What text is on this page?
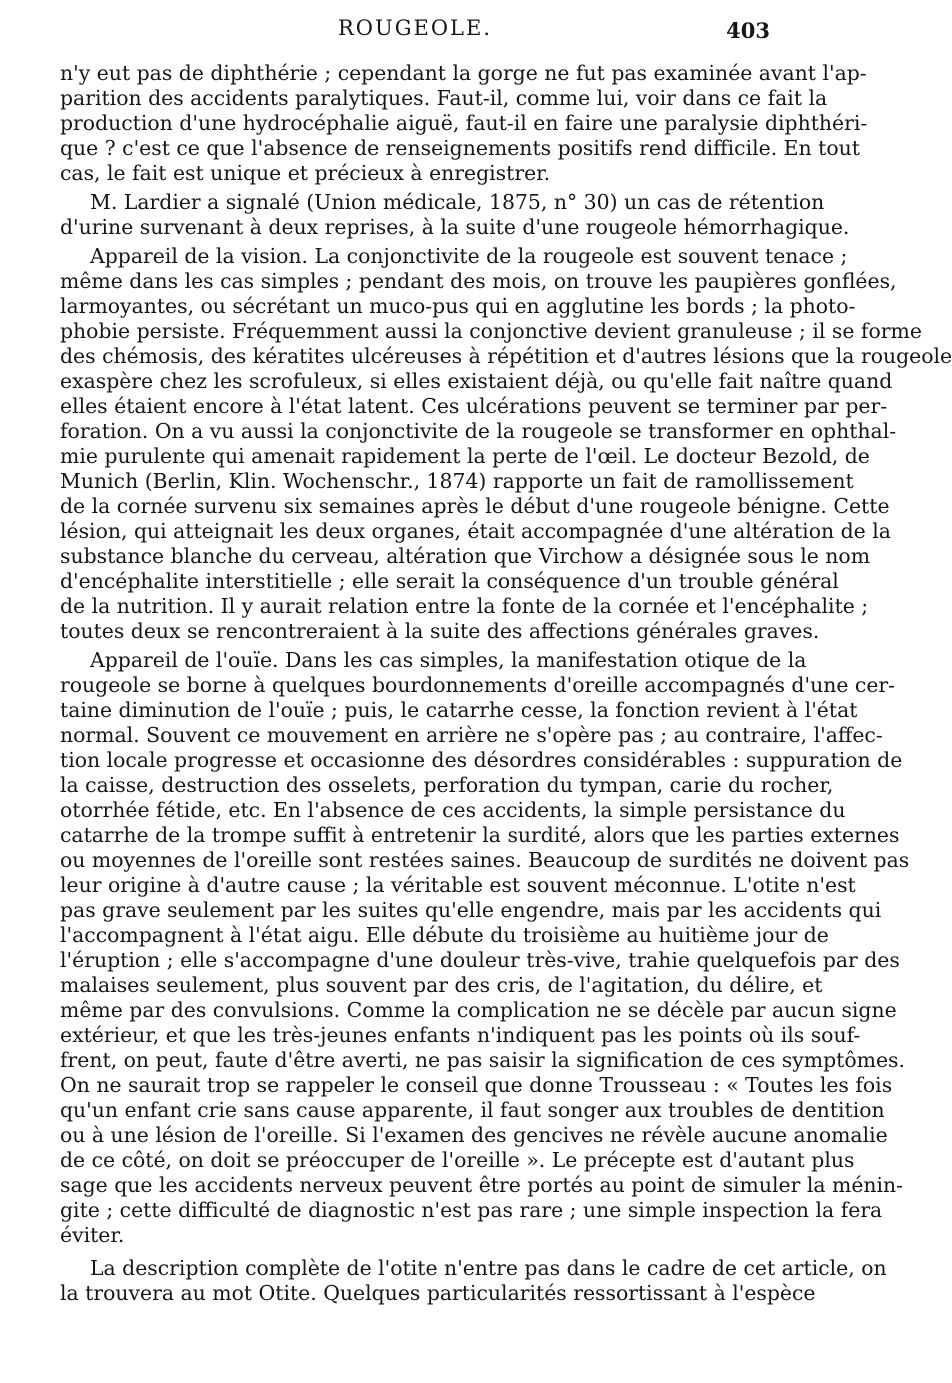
ROUGEOLE.	403
n'y eut pas de diphthérie ; cependant la gorge ne fut pas examinée avant l'ap-
parition des accidents paralytiques. Faut-il, comme lui, voir dans ce fait la
production d'une hydrocéphalie aiguë, faut-il en faire une paralysie diphthéri-
que ? c'est ce que l'absence de renseignements positifs rend difficile. En tout
cas, le fait est unique et précieux à enregistrer.
M. Lardier a signalé (Union médicale, 1875, n° 30) un cas de rétention
d'urine survenant à deux reprises, à la suite d'une rougeole hémorrhagique.
Appareil de la vision. La conjonctivite de la rougeole est souvent tenace ;
même dans les cas simples ; pendant des mois, on trouve les paupières gonflées,
larmoyantes, ou sécrétant un muco-pus qui en agglutine les bords ; la photo-
phobie persiste. Fréquemment aussi la conjonctive devient granuleuse ; il se forme
des chémosis, des kératites ulcéreuses à répétition et d'autres lésions que la rougeole
exaspère chez les scrofuleux, si elles existaient déjà, ou qu'elle fait naître quand
elles étaient encore à l'état latent. Ces ulcérations peuvent se terminer par per-
foration. On a vu aussi la conjonctivite de la rougeole se transformer en ophthal-
mie purulente qui amenait rapidement la perte de l'œil. Le docteur Bezold, de
Munich (Berlin, Klin. Wochenschr., 1874) rapporte un fait de ramollissement
de la cornée survenu six semaines après le début d'une rougeole bénigne. Cette
lésion, qui atteignait les deux organes, était accompagnée d'une altération de la
substance blanche du cerveau, altération que Virchow a désignée sous le nom
d'encéphalite interstitielle ; elle serait la conséquence d'un trouble général
de la nutrition. Il y aurait relation entre la fonte de la cornée et l'encéphalite ;
toutes deux se rencontreraient à la suite des affections générales graves.
Appareil de l'ouïe. Dans les cas simples, la manifestation otique de la
rougeole se borne à quelques bourdonnements d'oreille accompagnés d'une cer-
taine diminution de l'ouïe ; puis, le catarrhe cesse, la fonction revient à l'état
normal. Souvent ce mouvement en arrière ne s'opère pas ; au contraire, l'affec-
tion locale progresse et occasionne des désordres considérables : suppuration de
la caisse, destruction des osselets, perforation du tympan, carie du rocher,
otorrhée fétide, etc. En l'absence de ces accidents, la simple persistance du
catarrhe de la trompe suffit à entretenir la surdité, alors que les parties externes
ou moyennes de l'oreille sont restées saines. Beaucoup de surdités ne doivent pas
leur origine à d'autre cause ; la véritable est souvent méconnue. L'otite n'est
pas grave seulement par les suites qu'elle engendre, mais par les accidents qui
l'accompagnent à l'état aigu. Elle débute du troisième au huitième jour de
l'éruption ; elle s'accompagne d'une douleur très-vive, trahie quelquefois par des
malaises seulement, plus souvent par des cris, de l'agitation, du délire, et
même par des convulsions. Comme la complication ne se décèle par aucun signe
extérieur, et que les très-jeunes enfants n'indiquent pas les points où ils souf-
frent, on peut, faute d'être averti, ne pas saisir la signification de ces symptômes.
On ne saurait trop se rappeler le conseil que donne Trousseau : « Toutes les fois
qu'un enfant crie sans cause apparente, il faut songer aux troubles de dentition
ou à une lésion de l'oreille. Si l'examen des gencives ne révèle aucune anomalie
de ce côté, on doit se préoccuper de l'oreille ». Le précepte est d'autant plus
sage que les accidents nerveux peuvent être portés au point de simuler la ménin-
gite ; cette difficulté de diagnostic n'est pas rare ; une simple inspection la fera
éviter.
La description complète de l'otite n'entre pas dans le cadre de cet article, on
la trouvera au mot Otite. Quelques particularités ressortissant à l'espèce
